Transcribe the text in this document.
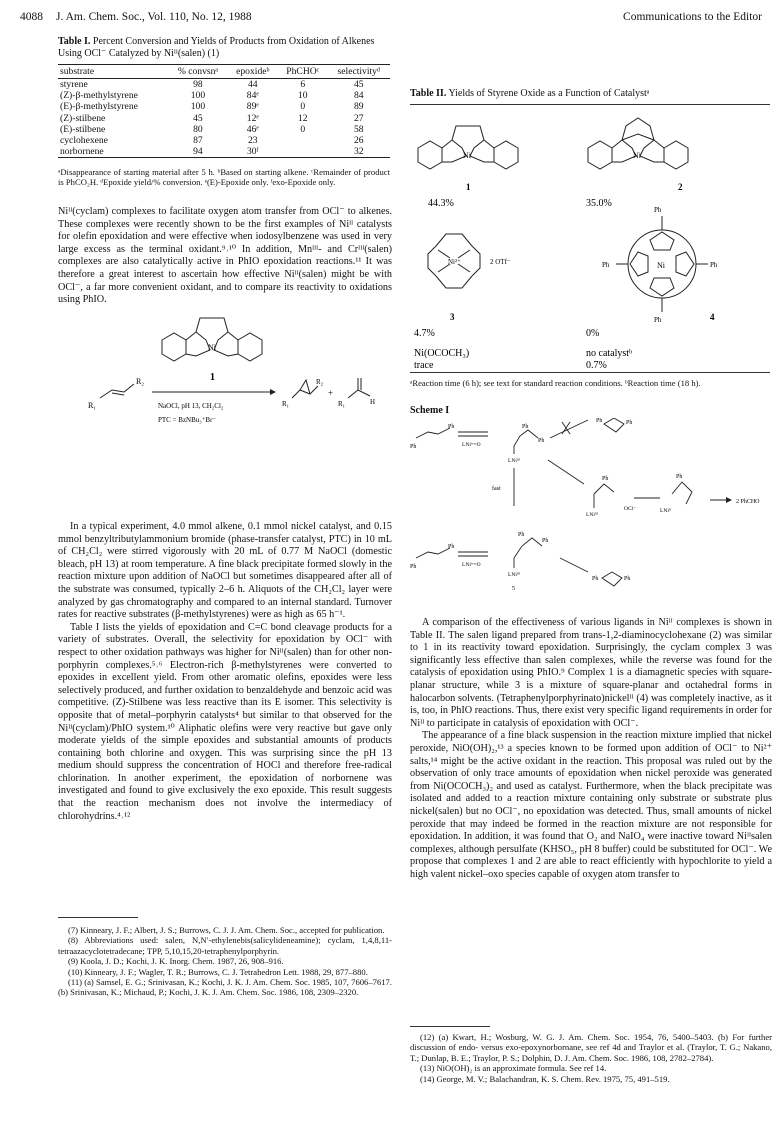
4088 J. Am. Chem. Soc., Vol. 110, No. 12, 1988	Communications to the Editor
Table I. Percent Conversion and Yields of Products from Oxidation of Alkenes Using OCl⁻ Catalyzed by Niᴵᴵ(salen) (1)
substrate	% convsnᵃ	epoxideᵇ	PhCHOᶜ	selectivityᵈ
styrene	98	44	6	45
(Z)-β-methylstyrene	100	84ᵉ	10	84
(E)-β-methylstyrene	100	89ᵉ	0	89
(Z)-stilbene	45	12ᵉ	12	27
(E)-stilbene	80	46ᵉ	0	58
cyclohexene	87	23		26
norbornene	94	30ᶠ		32
ᵃDisappearance of starting material after 5 h. ᵇBased on starting alkene. ᶜRemainder of product is PhCO₂H. ᵈEpoxide yield/% conversion. ᵉ(E)-Epoxide only. ᶠexo-Epoxide only.

Niᴵᴵ(cyclam) complexes to facilitate oxygen atom transfer from OCl⁻ to alkenes. These complexes were recently shown to be the first examples of Niᴵᴵ catalysts for olefin epoxidation and were effective when iodosylbenzene was used in very large excess as the terminal oxidant.⁹˒¹⁰ In addition, Mnᴵᴵᴵ- and Crᴵᴵᴵ(salen) complexes are also catalytically active in PhIO epoxidation reactions.¹¹ It was therefore a great interest to ascertain how effective Niᴵᴵ(salen) might be with OCl⁻, a far more convenient oxidant, and to compare its reactivity to oxidations using PhIO.

Ni
1
R₁
R₂
NaOCl, pH 13, CH₂Cl₂
PTC = BzNBu₃⁺Br⁻
R₁
R₂
+
R₁	H

In a typical experiment, 4.0 mmol alkene, 0.1 mmol nickel catalyst, and 0.15 mmol benzyltributylammonium bromide (phase-transfer catalyst, PTC) in 10 mL of CH₂Cl₂ were stirred vigorously with 20 mL of 0.77 M NaOCl (domestic bleach, pH 13) at room temperature. A fine black precipitate formed slowly in the reaction mixture upon addition of NaOCl but sometimes disappeared after all of the substrate was consumed, typically 2–6 h. Aliquots of the CH₂Cl₂ layer were analyzed by gas chromatography and compared to an internal standard. Turnover rates for reactive substrates (β-methylstyrenes) were as high as 65 h⁻¹.

Table I lists the yields of epoxidation and C=C bond cleavage products for a variety of substrates. Overall, the selectivity for epoxidation by OCl⁻ with respect to other oxidation pathways was higher for Niᴵᴵ(salen) than for other non-porphyrin complexes.⁵˒⁶ Electron-rich β-methylstyrenes were converted to epoxides in excellent yield. From other aromatic olefins, epoxides were less selectively produced, and further oxidation to benzaldehyde and benzoic acid was competitive. (Z)-Stilbene was less reactive than its E isomer. This selectivity is opposite that of metal–porphyrin catalysts⁴ but similar to that observed for the Niᴵᴵ(cyclam)/PhIO system.¹⁰ Aliphatic olefins were very reactive but gave only moderate yields of the simple epoxides and substantial amounts of products containing both chlorine and oxygen. This was surprising since the pH 13 medium should suppress the concentration of HOCl and therefore free-radical chlorination. In another experiment, the epoxidation of norbornene was investigated and found to give exclusively the exo epoxide. This result suggests that the reaction mechanism does not involve the intermediacy of chlorohydrins.⁴˒¹²

(7) Kinneary, J. F.; Albert, J. S.; Burrows, C. J. J. Am. Chem. Soc., accepted for publication.
(8) Abbreviations used: salen, N,N′-ethylenebis(salicylideneamine); cyclam, 1,4,8,11-tetraazacyclotetradecane; TPP, 5,10,15,20-tetraphenylporphyrin.
(9) Koola, J. D.; Kochi, J. K. Inorg. Chem. 1987, 26, 908–916.
(10) Kinneary, J. F.; Wagler, T. R.; Burrows, C. J. Tetrahedron Lett. 1988, 29, 877–880.
(11) (a) Samsel, E. G.; Srinivasan, K.; Kochi, J. K. J. Am. Chem. Soc. 1985, 107, 7606–7617. (b) Srinivasan, K.; Michaud, P.; Kochi, J. K. J. Am. Chem. Soc. 1986, 108, 2309–2320.
Table II. Yields of Styrene Oxide as a Function of Catalystᵃ
Ni
1
44.3%
Ni
2
35.0%
Ni²⁺	2 OTf⁻
3
4.7%
Ni
Ph
Ph
Ph	Ph
4
0%
Ni(OCOCH₃)
trace
no catalystᵇ
0.7%
ᵃReaction time (6 h); see text for standard reaction conditions. ᵇReaction time (18 h).
Scheme I
Ph
Ph
LNiᴵᵛ=O
LNiᴵᴵᴵ
Ph
Ph
Ph	Ph
fast
LNiᴵᴵᴵ
Ph
OCl⁻	LNiᴵᴵ
Ph
2 PhCHO
Ph
Ph
LNiᴵᵛ=O
LNiᴵᴵᴵ
Ph
Ph
5
Ph	Ph

A comparison of the effectiveness of various ligands in Niᴵᴵ complexes is shown in Table II. The salen ligand prepared from trans-1,2-diaminocyclohexane (2) was similar to 1 in its reactivity toward epoxidation. Surprisingly, the cyclam complex 3 was significantly less effective than salen complexes, while the reverse was found for the catalysis of epoxidation using PhIO.⁹ Complex 1 is a diamagnetic species with square-planar structure, while 3 is a mixture of square-planar and octahedral forms in halocarbon solvents. (Tetraphenylporphyrinato)nickelᴵᴵ (4) was completely inactive, as it is, too, in PhIO reactions. Thus, there exist very specific ligand requirements in order for Niᴵᴵ to participate in catalysis of epoxidation with OCl⁻.

The appearance of a fine black suspension in the reaction mixture implied that nickel peroxide, NiO(OH)₂,¹³ a species known to be formed upon addition of OCl⁻ to Ni²⁺ salts,¹⁴ might be the active oxidant in the reaction. This proposal was ruled out by the observation of only trace amounts of epoxidation when nickel peroxide was generated from Ni(OCOCH₃)₂ and used as catalyst. Furthermore, when the black precipitate was isolated and added to a reaction mixture containing only substrate or substrate plus nickel(salen) but no OCl⁻, no epoxidation was detected. Thus, small amounts of nickel peroxide that may indeed be formed in the reaction mixture are not responsible for epoxidation. In addition, it was found that O₂ and NaIO₄ were inactive toward Niᴵᴵsalen complexes, although persulfate (KHSO₅, pH 8 buffer) could be substituted for OCl⁻. We propose that complexes 1 and 2 are able to react efficiently with hypochlorite to yield a high valent nickel–oxo species capable of oxygen atom transfer to

(12) (a) Kwart, H.; Wosburg, W. G. J. Am. Chem. Soc. 1954, 76, 5400–5403. (b) For further discussion of endo- versus exo-epoxynorbornane, see ref 4d and Traylor et al. (Traylor, T. G.; Nakano, T.; Dunlap, B. E.; Traylor, P. S.; Dolphin, D. J. Am. Chem. Soc. 1986, 108, 2782–2784).
(13) NiO(OH)₂ is an approximate formula. See ref 14.
(14) George, M. V.; Balachandran, K. S. Chem. Rev. 1975, 75, 491–519.
